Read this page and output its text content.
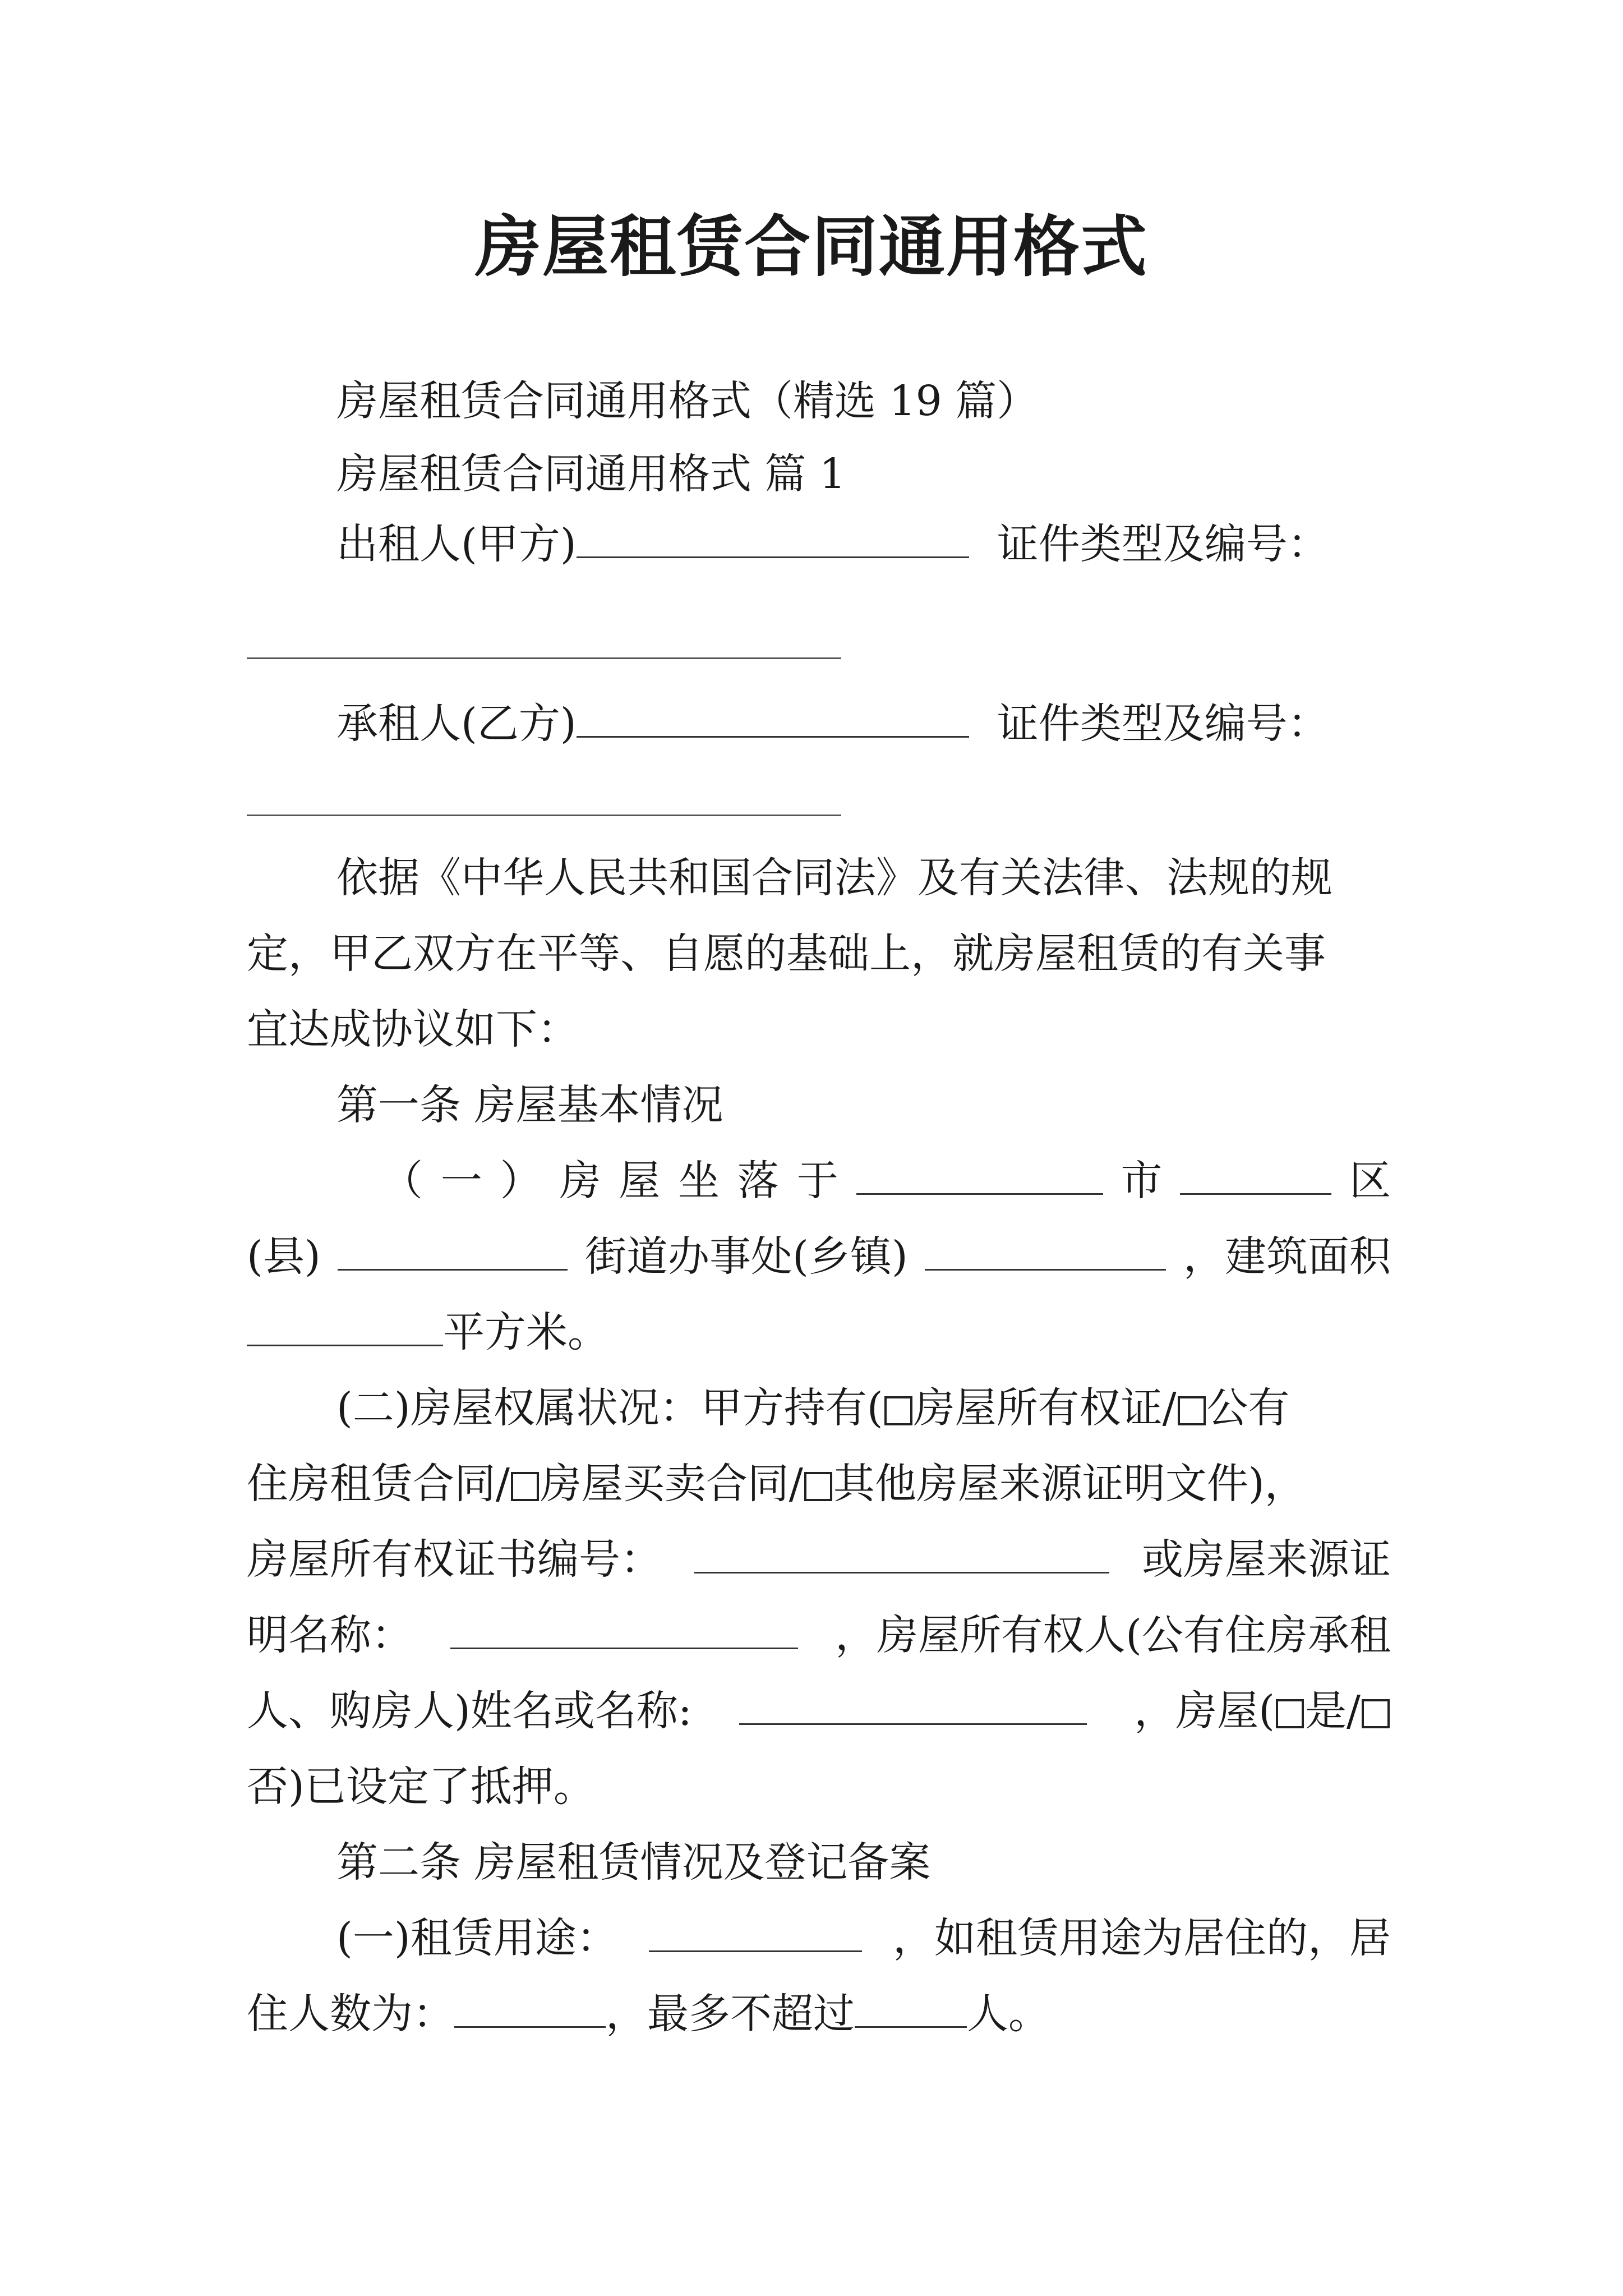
房屋租赁合同通用格式
房屋租赁合同通用格式（精选 19 篇）
房屋租赁合同通用格式 篇 1
出租人(甲方)	证件类型及编号：
承租人(乙方)	证件类型及编号：
依据《中华人民共和国合同法》及有关法律、法规的规
定，甲乙双方在平等、自愿的基础上，就房屋租赁的有关事
宜达成协议如下：
第一条 房屋基本情况
（ 一 ） 房 屋 坐 落 于	市	区
(县)	街道办事处(乡镇)	，建筑面积
平方米。
(二)房屋权属状况：甲方持有( 房屋所有权证/ 公有
住房租赁合同/ 房屋买卖合同/ 其他房屋来源证明文件)，
房屋所有权证书编号：	或房屋来源证
明名称：	，房屋所有权人(公有住房承租
人、购房人)姓名或名称:	，房屋( 是/
否)已设定了抵押。
第二条 房屋租赁情况及登记备案
(一)租赁用途：	，如租赁用途为居住的，居
住人数为：	，最多不超过	人。
